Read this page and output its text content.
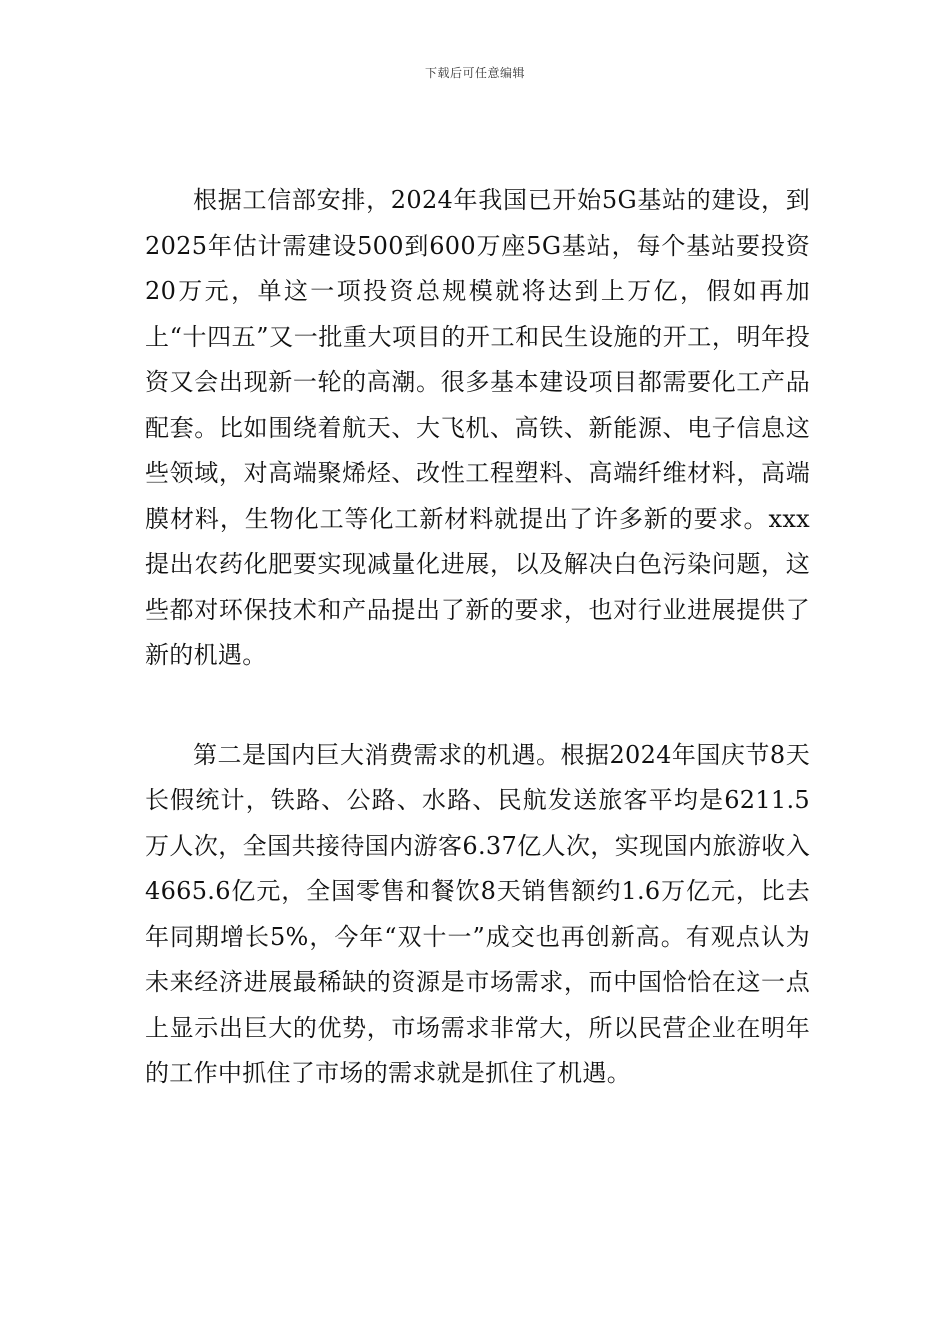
下载后可任意编辑

根据工信部安排，2024年我国已开始5G基站的建设，到2025年估计需建设500到600万座5G基站，每个基站要投资20万元，单这一项投资总规模就将达到上万亿，假如再加上“十四五”又一批重大项目的开工和民生设施的开工，明年投资又会出现新一轮的高潮。很多基本建设项目都需要化工产品配套。比如围绕着航天、大飞机、高铁、新能源、电子信息这些领域，对高端聚烯烃、改性工程塑料、高端纤维材料，高端膜材料，生物化工等化工新材料就提出了许多新的要求。xxx提出农药化肥要实现减量化进展，以及解决白色污染问题，这些都对环保技术和产品提出了新的要求，也对行业进展提供了新的机遇。

第二是国内巨大消费需求的机遇。根据2024年国庆节8天长假统计，铁路、公路、水路、民航发送旅客平均是6211.5万人次，全国共接待国内游客6.37亿人次，实现国内旅游收入4665.6亿元，全国零售和餐饮8天销售额约1.6万亿元，比去年同期增长5%，今年“双十一”成交也再创新高。有观点认为未来经济进展最稀缺的资源是市场需求，而中国恰恰在这一点上显示出巨大的优势，市场需求非常大，所以民营企业在明年的工作中抓住了市场的需求就是抓住了机遇。
